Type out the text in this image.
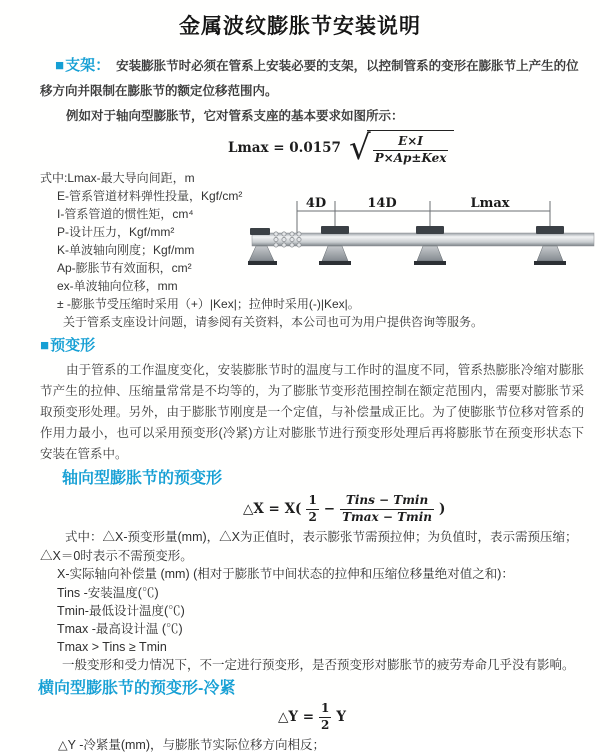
金属波纹膨胀节安装说明

■支架： 安装膨胀节时必须在管系上安装必要的支架，以控制管系的变形在膨胀节上产生的位移方向并限制在膨胀节的额定位移范围内。

例如对于轴向型膨胀节，它对管系支座的基本要求如图所示：

Lmax = 0.0157 √ $\frac{E\times I}{\text{P×Ap±Kex}}$
式中:Lmax-最大导向间距，m
E-管系管道材料弹性投量，Kgf/cm²
I-管系管道的惯性矩，cm⁴
P-设计压力，Kgf/mm²
K-单波轴向刚度；Kgf/mm
Ap-膨胀节有效面积，cm²
ex-单波轴向位移，mm
± -膨胀节受压缩时采用（+）|Kex|；拉伸时采用(-)|Kex|。
关于管系支座设计问题，请参阅有关资料，本公司也可为用户提供咨询等服务。
4D	14D	Lmax

■预变形

由于管系的工作温度变化，安装膨胀节时的温度与工作时的温度不同，管系热膨胀冷缩对膨胀节产生的拉伸、压缩量常常是不均等的，为了膨胀节变形范围控制在额定范围内，需要对膨胀节采取预变形处理。另外，由于膨胀节刚度是一个定值，与补偿量成正比。为了使膨胀节位移对管系的作用力最小，也可以采用预变形(冷紧)方让对膨胀节进行预变形处理后再将膨胀节在预变形状态下安装在管系中。

轴向型膨胀节的预变形
△X = $X( \frac{1}{2} - \frac{\text{Tins − Tmin}}{Tmax - Tmin}$ )

式中：△X-预变形量(mm)，△X为正值时，表示膨张节需预拉伸；为负值时，表示需预压缩；△X＝0时表示不需预变形。

X-实际轴向补偿量 (mm) (相对于膨胀节中间状态的拉伸和压缩位移量绝对值之和)：

Tins -安装温度(℃)

Tmin-最低设计温度(℃)

Tmax -最高设计温 (℃)

Tmax > Tins ≥ Tmin

一般变形和受力情况下，不一定进行预变形，是否预变形对膨胀节的疲劳寿命几乎没有影响。

横向型膨胀节的预变形-冷紧
△Y = $\frac{1}{2}$ Y

△Y -冷紧量(mm)，与膨胀节实际位移方向相反；
